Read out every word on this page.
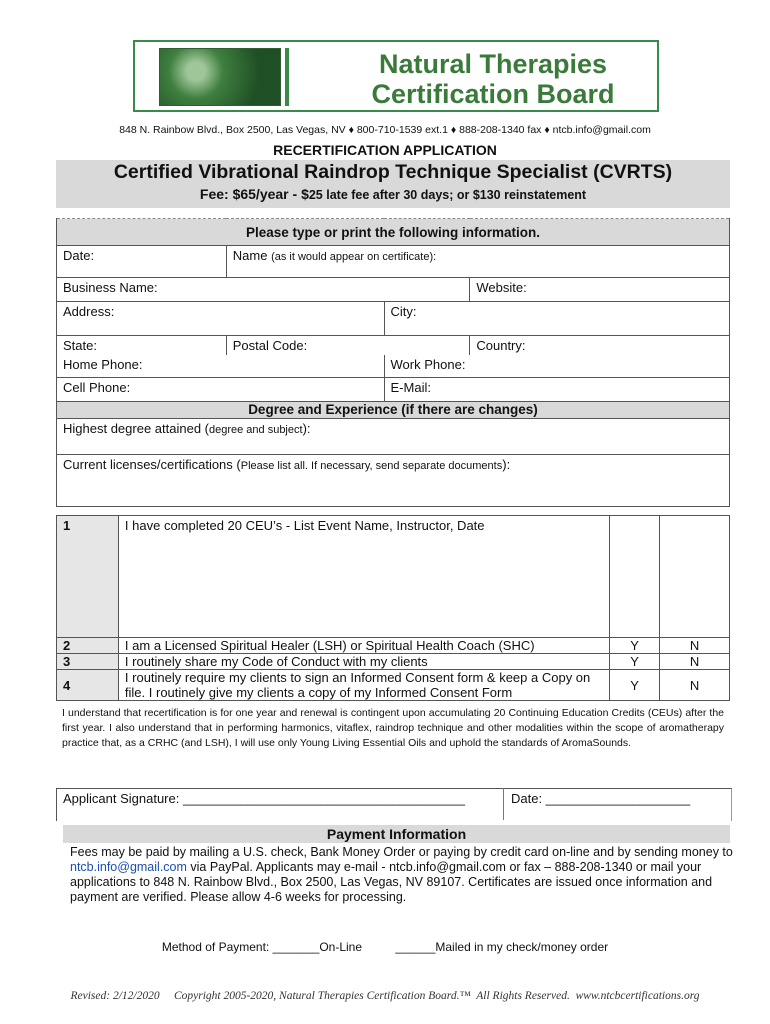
Natural Therapies
Certification Board
848 N. Rainbow Blvd., Box 2500, Las Vegas, NV ♦ 800-710-1539 ext.1 ♦ 888-208-1340 fax ♦ ntcb.info@gmail.com
RECERTIFICATION APPLICATION
Certified Vibrational Raindrop Technique Specialist (CVRTS)
Fee: $65/year - $25 late fee after 30 days; or $130 reinstatement
Please type or print the following information.			
Date:	Name (as it would appear on certificate):		
Business Name:			Website:
Address:		City:	
State:	Postal Code:		Country:
Home Phone:		Work Phone:	
Cell Phone:		E-Mail:	
Degree and Experience (if there are changes)			
Highest degree attained (degree and subject):			
Current licenses/certifications (Please list all. If necessary, send separate documents):			
1	I have completed 20 CEU’s - List Event Name, Instructor, Date		
2	I am a Licensed Spiritual Healer (LSH) or Spiritual Health Coach (SHC)	Y	N
3	I routinely share my Code of Conduct with my clients	Y	N
4	I routinely require my clients to sign an Informed Consent form & keep a Copy on file. I routinely give my clients a copy of my Informed Consent Form	Y	N
I understand that recertification is for one year and renewal is contingent upon accumulating 20 Continuing Education Credits (CEUs) after the first year. I also understand that in performing harmonics, vitaflex, raindrop technique and other modalities within the scope of aromatherapy practice that, as a CRHC (and LSH), I will use only Young Living Essential Oils and uphold the standards of AromaSounds.
Applicant Signature: _______________________________________	Date: ____________________
Payment Information
Fees may be paid by mailing a U.S. check, Bank Money Order or paying by credit card on-line and by sending money to ntcb.info@gmail.com via PayPal. Applicants may e-mail - ntcb.info@gmail.com or fax – 888-208-1340 or mail your applications to 848 N. Rainbow Blvd., Box 2500, Las Vegas, NV 89107. Certificates are issued once information and payment are verified. Please allow 4-6 weeks for processing.
Method of Payment: _______On-Line          ______Mailed in my check/money order
Revised: 2/12/2020     Copyright 2005-2020, Natural Therapies Certification Board.™  All Rights Reserved.  www.ntcbcertifications.org
